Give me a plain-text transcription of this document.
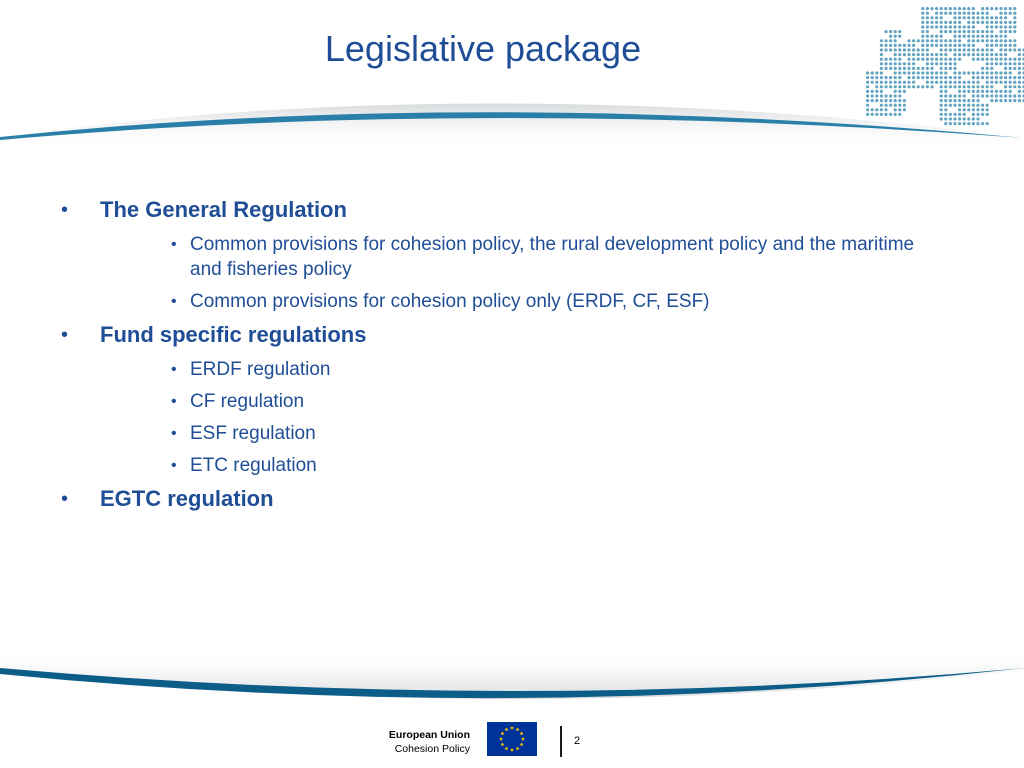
Legislative package
• The General Regulation
• Common provisions for cohesion policy, the rural development policy and the maritime and fisheries policy
• Common provisions for cohesion policy only (ERDF, CF, ESF)
• Fund specific regulations
• ERDF regulation
• CF regulation
• ESF regulation
• ETC regulation
• EGTC regulation
European Union
Cohesion Policy
2
